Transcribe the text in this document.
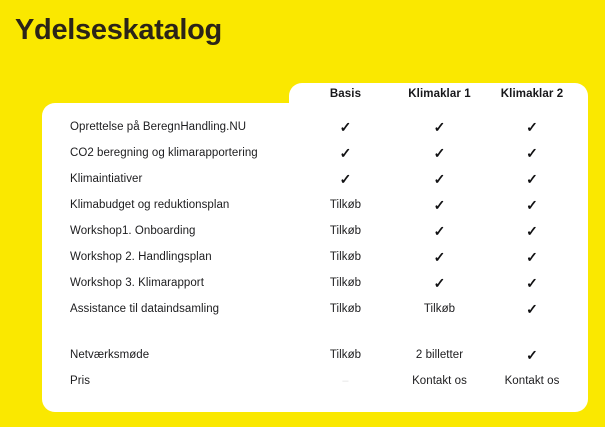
Ydelseskatalog
	Basis	Klimaklar 1	Klimaklar 2
Oprettelse på BeregnHandling.NU	✓	✓	✓
CO2 beregning og klimarapportering	✓	✓	✓
Klimaintiativer	✓	✓	✓
Klimabudget og reduktionsplan	Tilkøb	✓	✓
Workshop1. Onboarding	Tilkøb	✓	✓
Workshop 2. Handlingsplan	Tilkøb	✓	✓
Workshop 3. Klimarapport	Tilkøb	✓	✓
Assistance til dataindsamling	Tilkøb	Tilkøb	✓

Netværksmøde	Tilkøb	2 billetter	✓
Pris	–	Kontakt os	Kontakt os
